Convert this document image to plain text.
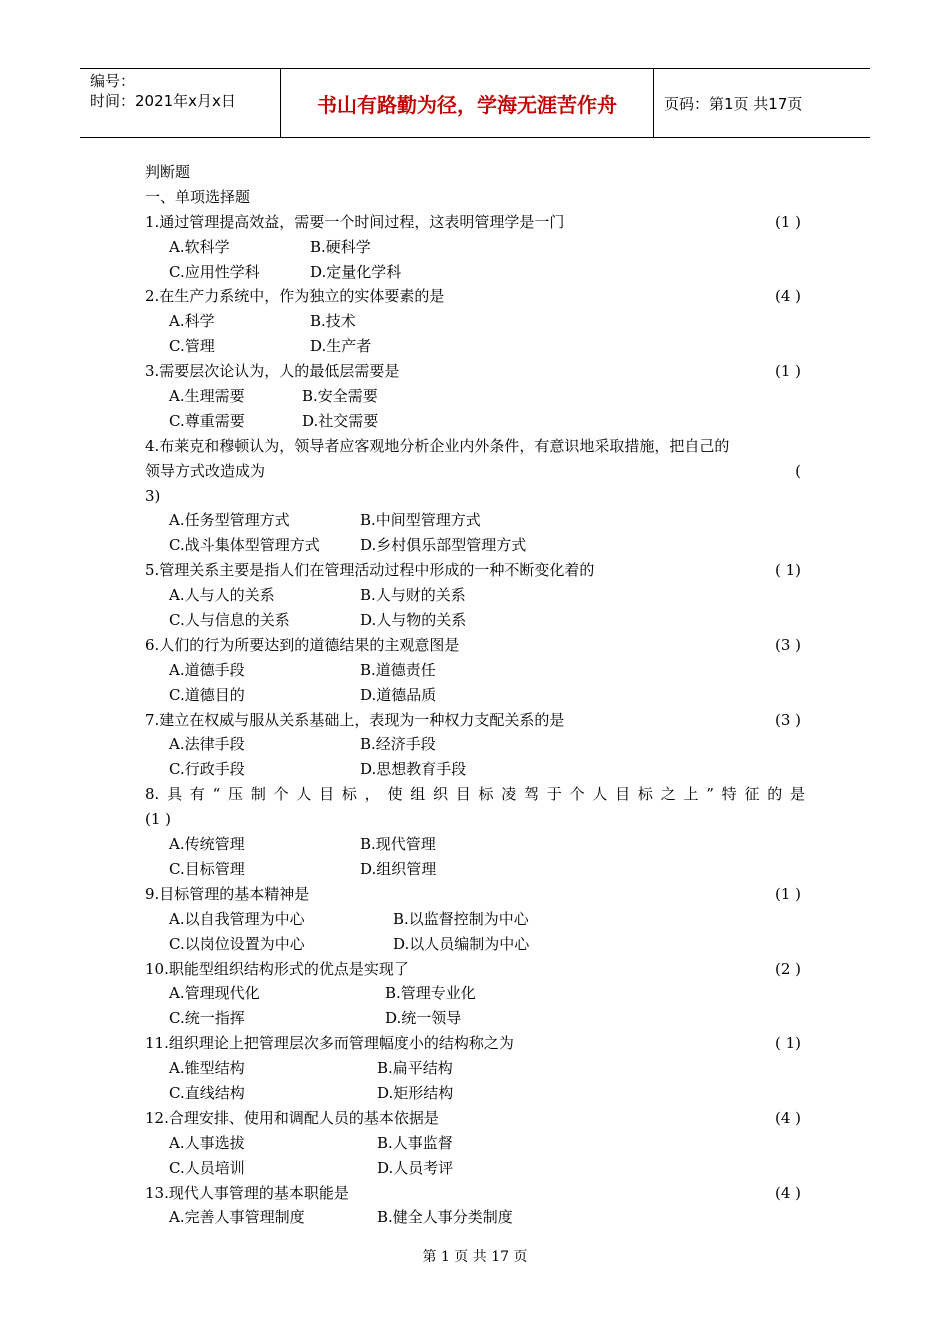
编号：
时间：2021年x月x日	书山有路勤为径，学海无涯苦作舟	页码：第1页 共17页
判断题
一、单项选择题
1.通过管理提高效益，需要一个时间过程，这表明管理学是一门	(1 )
A.软科学	B.硬科学
C.应用性学科	D.定量化学科
2.在生产力系统中，作为独立的实体要素的是	(4 )
A.科学	B.技术
C.管理	D.生产者
3.需要层次论认为，人的最低层需要是	(1 )
A.生理需要	B.安全需要
C.尊重需要	D.社交需要
4.布莱克和穆顿认为，领导者应客观地分析企业内外条件，有意识地采取措施，把自己的
领导方式改造成为	(
3)
A.任务型管理方式	B.中间型管理方式
C.战斗集体型管理方式	D.乡村俱乐部型管理方式
5.管理关系主要是指人们在管理活动过程中形成的一种不断变化着的	( 1)
A.人与人的关系	B.人与财的关系
C.人与信息的关系	D.人与物的关系
6.人们的行为所要达到的道德结果的主观意图是	(3 )
A.道德手段	B.道德责任
C.道德目的	D.道德品质
7.建立在权威与服从关系基础上，表现为一种权力支配关系的是	(3 )
A.法律手段	B.经济手段
C.行政手段	D.思想教育手段
8.具有“压制个人目标，使组织目标凌驾于个人目标之上”特征的是
(1 )
A.传统管理	B.现代管理
C.目标管理	D.组织管理
9.目标管理的基本精神是	(1 )
A.以自我管理为中心	B.以监督控制为中心
C.以岗位设置为中心	D.以人员编制为中心
10.职能型组织结构形式的优点是实现了	(2 )
A.管理现代化	B.管理专业化
C.统一指挥	D.统一领导
11.组织理论上把管理层次多而管理幅度小的结构称之为	( 1)
A.锥型结构	B.扁平结构
C.直线结构	D.矩形结构
12.合理安排、使用和调配人员的基本依据是	(4 )
A.人事选拔	B.人事监督
C.人员培训	D.人员考评
13.现代人事管理的基本职能是	(4 )
A.完善人事管理制度	B.健全人事分类制度
第 1 页 共 17 页
